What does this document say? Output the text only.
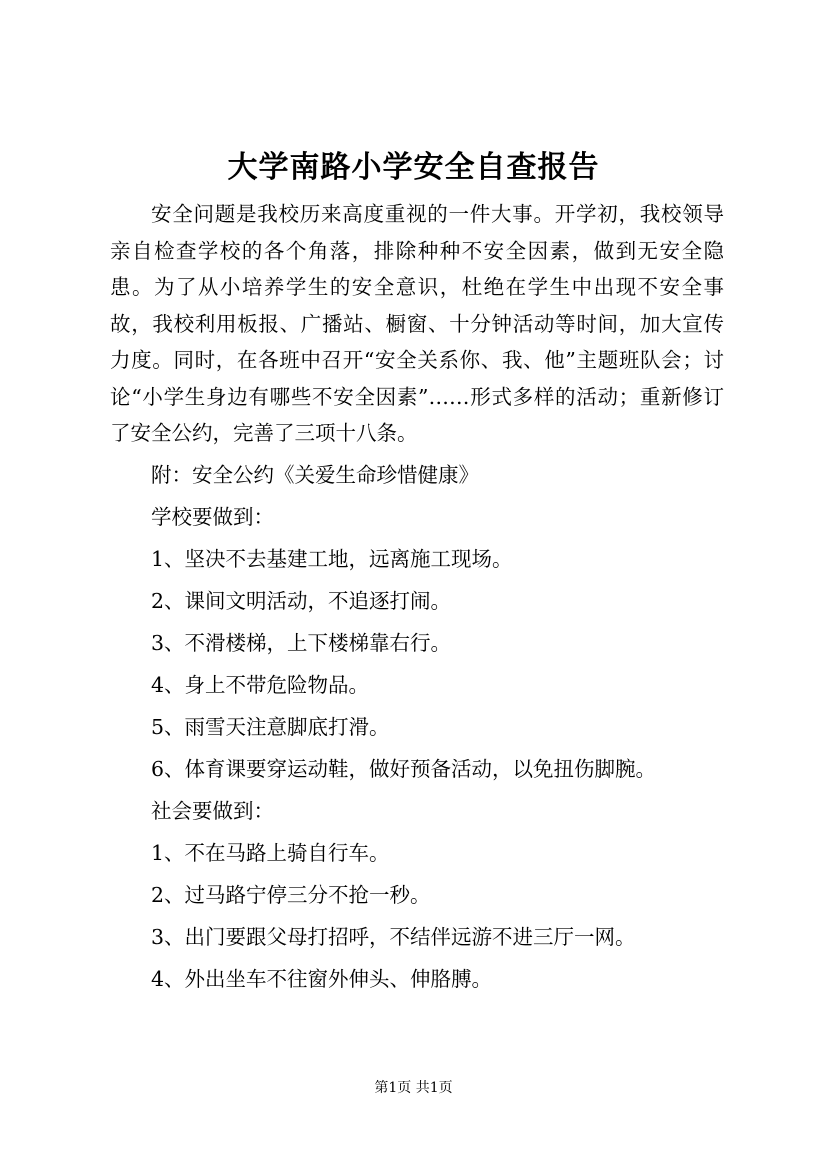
大学南路小学安全自查报告

安全问题是我校历来高度重视的一件大事。开学初，我校领导亲自检查学校的各个角落，排除种种不安全因素，做到无安全隐患。为了从小培养学生的安全意识，杜绝在学生中出现不安全事故，我校利用板报、广播站、橱窗、十分钟活动等时间，加大宣传力度。同时，在各班中召开“安全关系你、我、他”主题班队会；讨论“小学生身边有哪些不安全因素”……形式多样的活动；重新修订了安全公约，完善了三项十八条。

附：安全公约《关爱生命珍惜健康》
学校要做到：
1、坚决不去基建工地，远离施工现场。
2、课间文明活动，不追逐打闹。
3、不滑楼梯，上下楼梯靠右行。
4、身上不带危险物品。
5、雨雪天注意脚底打滑。
6、体育课要穿运动鞋，做好预备活动，以免扭伤脚腕。
社会要做到：
1、不在马路上骑自行车。
2、过马路宁停三分不抢一秒。
3、出门要跟父母打招呼，不结伴远游不进三厅一网。
4、外出坐车不往窗外伸头、伸胳膊。
第1页 共1页
